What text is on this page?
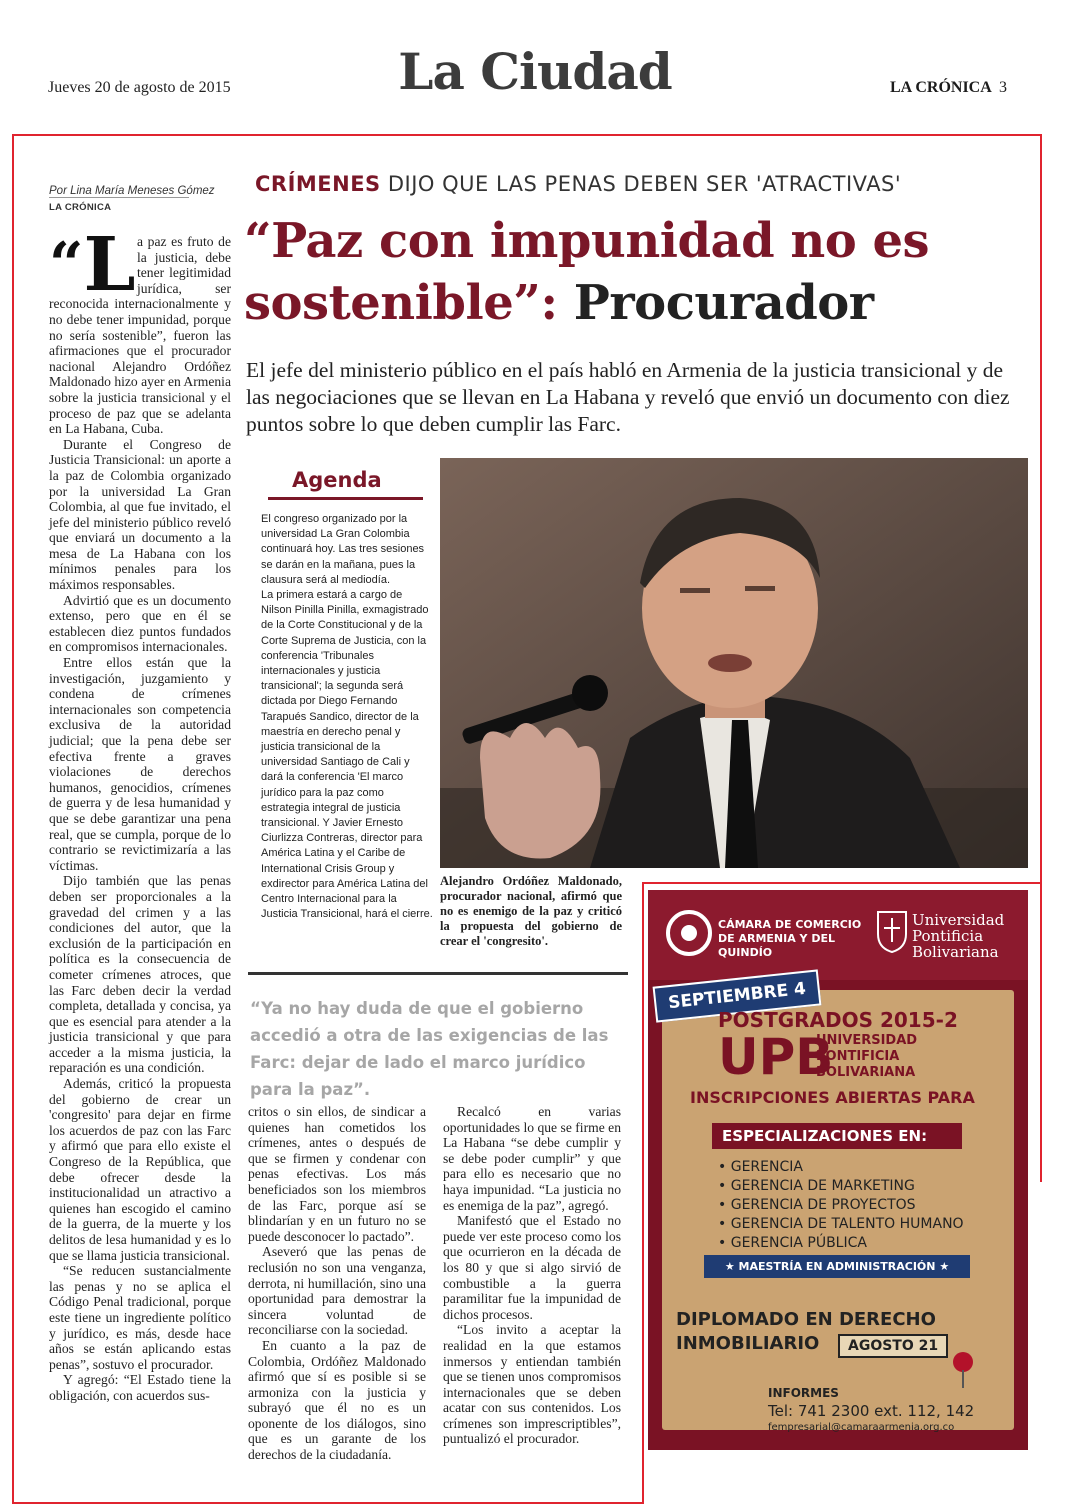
Jueves 20 de agosto de 2015	La Ciudad	LA CRÓNICA 3
Por Lina María Meneses Gómez
LA CRÓNICA
CRÍMENES DIJO QUE LAS PENAS DEBEN SER 'ATRACTIVAS'
“Paz con impunidad no es sostenible”: Procurador
El jefe del ministerio público en el país habló en Armenia de la justicia transicional y de las negociaciones que se llevan en La Habana y reveló que envió un documento con diez puntos sobre lo que deben cumplir las Farc.
“L a paz es fruto de la justicia, debe tener legitimidad jurídica, ser reconocida internacionalmente y no debe tener impunidad, porque no sería sostenible”, fueron las afirmaciones que el procurador nacional Alejandro Ordóñez Maldonado hizo ayer en Armenia sobre la justicia transicional y el proceso de paz que se adelanta en La Habana, Cuba.

Durante el Congreso de Justicia Transicional: un aporte a la paz de Colombia organizado por la universidad La Gran Colombia, al que fue invitado, el jefe del ministerio público reveló que enviará un documento a la mesa de La Habana con los mínimos penales para los máximos responsables.

Advirtió que es un documento extenso, pero que en él se establecen diez puntos fundados en compromisos internacionales.

Entre ellos están que la investigación, juzgamiento y condena de crímenes internacionales son competencia exclusiva de la autoridad judicial; que la pena debe ser efectiva frente a graves violaciones de derechos humanos, genocidios, crímenes de guerra y de lesa humanidad y que se debe garantizar una pena real, que se cumpla, porque de lo contrario se revictimizaría a las víctimas.

Dijo también que las penas deben ser proporcionales a la gravedad del crimen y a las condiciones del autor, que la exclusión de la participación en política es la consecuencia de cometer crímenes atroces, que las Farc deben decir la verdad completa, detallada y concisa, ya que es esencial para atender a la justicia transicional y que para acceder a la misma justicia, la reparación es una condición.

Además, criticó la propuesta del gobierno de crear un 'congresito' para dejar en firme los acuerdos de paz con las Farc y afirmó que para ello existe el Congreso de la República, que debe ofrecer desde la institucionalidad un atractivo a quienes han escogido el camino de la guerra, de la muerte y los delitos de lesa humanidad y es lo que se llama justicia transicional.

“Se reducen sustancialmente las penas y no se aplica el Código Penal tradicional, porque este tiene un ingrediente político y jurídico, es más, desde hace años se están aplicando estas penas”, sostuvo el procurador.

Y agregó: “El Estado tiene la obligación, con acuerdos sus-

Agenda

El congreso organizado por la universidad La Gran Colombia continuará hoy. Las tres sesiones se darán en la mañana, pues la clausura será al mediodía.

La primera estará a cargo de Nilson Pinilla Pinilla, exmagistrado de la Corte Constitucional y de la Corte Suprema de Justicia, con la conferencia 'Tribunales internacionales y justicia transicional'; la segunda será dictada por Diego Fernando Tarapués Sandico, director de la maestría en derecho penal y justicia transicional de la universidad Santiago de Cali y dará la conferencia 'El marco jurídico para la paz como estrategia integral de justicia transicional. Y Javier Ernesto Ciurlizza Contreras, director para América Latina y el Caribe de International Crisis Group y exdirector para América Latina del Centro Internacional para la Justicia Transicional, hará el cierre.

Alejandro Ordóñez Maldonado, procurador nacional, afirmó que no es enemigo de la paz y criticó la propuesta del gobierno de crear el 'congresito'.
“Ya no hay duda de que el gobierno accedió a otra de las exigencias de las Farc: dejar de lado el marco jurídico para la paz”.

critos o sin ellos, de sindicar a quienes han cometidos los crímenes, antes o después de que se firmen y condenar con penas efectivas. Los más beneficiados son los miembros de las Farc, porque así se blindarían y en un futuro no se puede desconocer lo pactado”.

Aseveró que las penas de reclusión no son una venganza, derrota, ni humillación, sino una oportunidad para demostrar la sincera voluntad de reconciliarse con la sociedad.

En cuanto a la paz de Colombia, Ordóñez Maldonado afirmó que sí es posible si se armoniza con la justicia y subrayó que él no es un oponente de los diálogos, sino que es un garante de los derechos de la ciudadanía.

Recalcó en varias oportunidades lo que se firme en La Habana “se debe cumplir y se debe poder cumplir” y que para ello es necesario que no haya impunidad. “La justicia no es enemiga de la paz”, agregó.

Manifestó que el Estado no puede ver este proceso como los que ocurrieron en la década de los 80 y que si algo sirvió de combustible a la guerra paramilitar fue la impunidad de dichos procesos.

“Los invito a aceptar la realidad en la que estamos inmersos y entiendan también que se tienen unos compromisos internacionales que se deben acatar con sus contenidos. Los crímenes son imprescriptibles”, puntualizó el procurador.

CÁMARA DE COMERCIO DE ARMENIA Y DEL QUINDÍO
Universidad
Pontificia
Bolivariana
SEPTIEMBRE 4
POSTGRADOS 2015-2
UPB
UNIVERSIDAD
PONTIFICIA
BOLIVARIANA
INSCRIPCIONES ABIERTAS PARA
ESPECIALIZACIONES EN:
• GERENCIA
• GERENCIA DE MARKETING
• GERENCIA DE PROYECTOS
• GERENCIA DE TALENTO HUMANO
• GERENCIA PÚBLICA
★ MAESTRÍA EN ADMINISTRACIÓN ★
DIPLOMADO EN DERECHO
INMOBILIARIO	AGOSTO 21
INFORMES
Tel: 741 2300 ext. 112, 142
fempresarial@camaraarmenia.org.co
